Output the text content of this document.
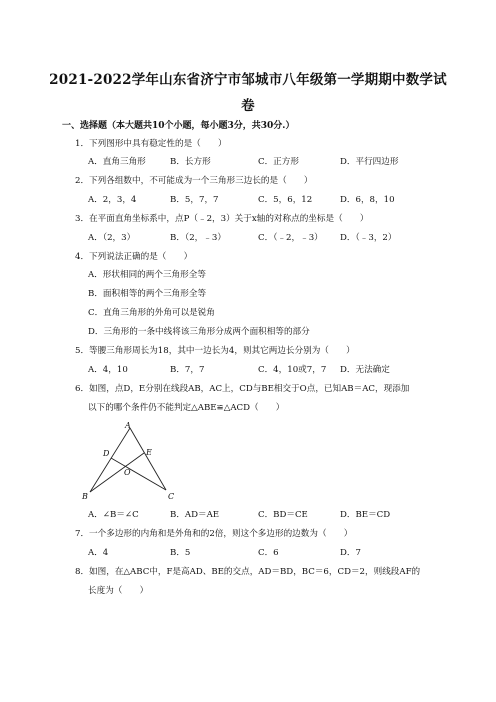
2021-2022学年山东省济宁市邹城市八年级第一学期期中数学试
卷
一、选择题（本大题共10个小题，每小题3分，共30分.）
1．下列图形中具有稳定性的是（　　）
A．直角三角形	B．长方形	C．正方形	D．平行四边形
2．下列各组数中，不可能成为一个三角形三边长的是（　　）
A．2，3，4	B．5，7，7	C．5，6，12	D．6，8，10
3．在平面直角坐标系中，点P（﹣2，3）关于x轴的对称点的坐标是（　　）
A．（2，3）	B．（2，﹣3）	C．（﹣2，﹣3） D．（﹣3，2）
4．下列说法正确的是（　　）
A．形状相同的两个三角形全等
B．面积相等的两个三角形全等
C．直角三角形的外角可以是锐角
D．三角形的一条中线将该三角形分成两个面积相等的部分
5．等腰三角形周长为18，其中一边长为4，则其它两边长分别为（　　）
A．4，10	B．7，7	C．4，10或7，7 D．无法确定
6．如图，点D，E分别在线段AB，AC上，CD与BE相交于O点，已知AB＝AC，现添加
以下的哪个条件仍不能判定△ABE≌△ACD（　　）
A
B	C
D	E
O
A．∠B＝∠C	B．AD＝AE	C．BD＝CE	D．BE＝CD
7．一个多边形的内角和是外角和的2倍，则这个多边形的边数为（　　）
A．4	B．5	C．6	D．7
8．如图，在△ABC中，F是高AD、BE的交点，AD＝BD，BC＝6，CD＝2，则线段AF的
长度为（　　）
